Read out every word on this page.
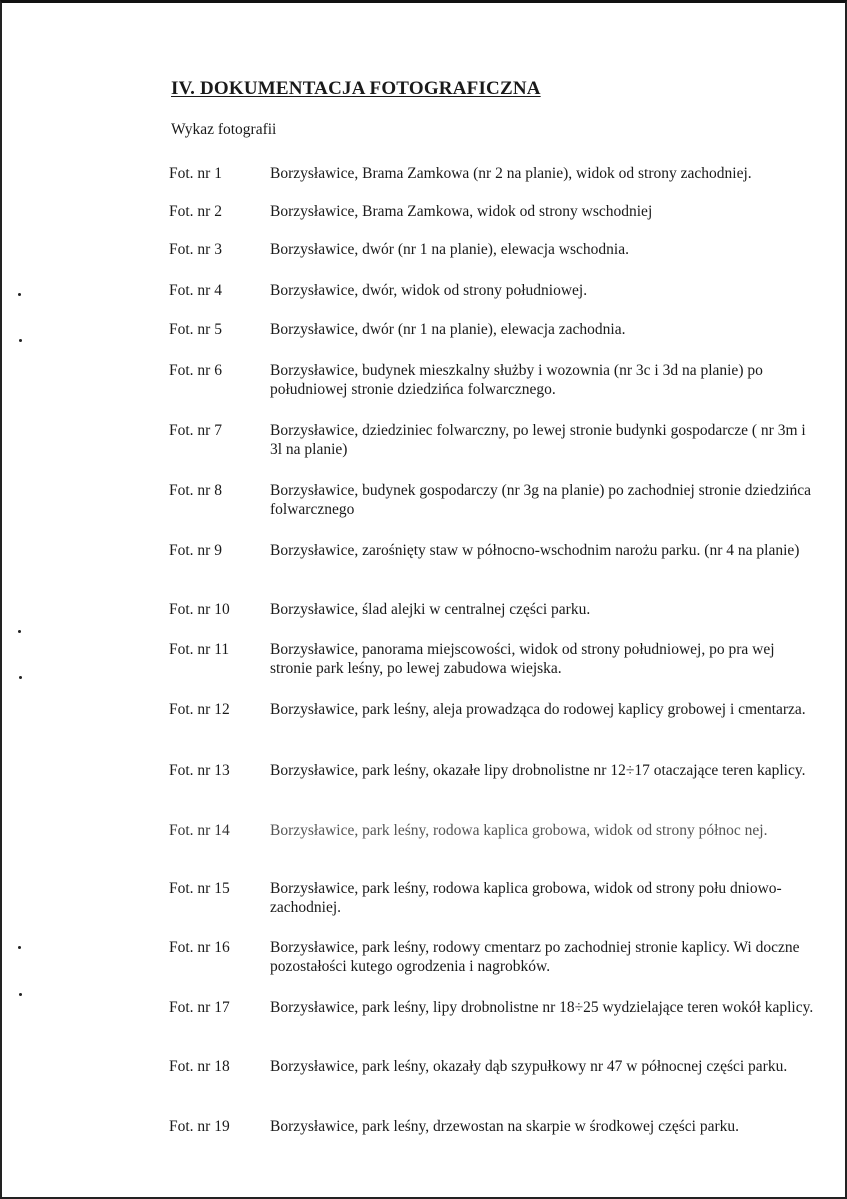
IV. DOKUMENTACJA FOTOGRAFICZNA
Wykaz fotografii
Fot. nr 1	Borzysławice, Brama Zamkowa (nr 2 na planie), widok od strony zachodniej.
Fot. nr 2	Borzysławice, Brama Zamkowa, widok od strony wschodniej
Fot. nr 3	Borzysławice, dwór (nr 1 na planie), elewacja wschodnia.
Fot. nr 4	Borzysławice, dwór, widok od strony południowej.
Fot. nr 5	Borzysławice, dwór (nr 1 na planie), elewacja zachodnia.
Fot. nr 6	Borzysławice, budynek mieszkalny służby i wozownia (nr 3c i 3d na planie) po południowej stronie dziedzińca folwarcznego.
Fot. nr 7	Borzysławice, dziedziniec folwarczny, po lewej stronie budynki gospodarcze ( nr 3m i 3l na planie)
Fot. nr 8	Borzysławice, budynek gospodarczy (nr 3g na planie) po zachodniej stronie dziedzińca folwarcznego
Fot. nr 9	Borzysławice, zarośnięty staw w północno-wschodnim narożu parku. (nr 4 na planie)
Fot. nr 10	Borzysławice, ślad alejki w centralnej części parku.
Fot. nr 11	Borzysławice, panorama miejscowości, widok od strony południowej, po pra wej stronie park leśny, po lewej zabudowa wiejska.
Fot. nr 12	Borzysławice, park leśny, aleja prowadząca do rodowej kaplicy grobowej i cmentarza.
Fot. nr 13	Borzysławice, park leśny, okazałe lipy drobnolistne nr 12÷17 otaczające teren kaplicy.
Fot. nr 14	Borzysławice, park leśny, rodowa kaplica grobowa, widok od strony północ nej.
Fot. nr 15	Borzysławice, park leśny, rodowa kaplica grobowa, widok od strony połu dniowo-zachodniej.
Fot. nr 16	Borzysławice, park leśny, rodowy cmentarz po zachodniej stronie kaplicy. Wi doczne pozostałości kutego ogrodzenia i nagrobków.
Fot. nr 17	Borzysławice, park leśny, lipy drobnolistne nr 18÷25 wydzielające teren wokół kaplicy.
Fot. nr 18	Borzysławice, park leśny, okazały dąb szypułkowy nr 47 w północnej części parku.
Fot. nr 19	Borzysławice, park leśny, drzewostan na skarpie w środkowej części parku.
